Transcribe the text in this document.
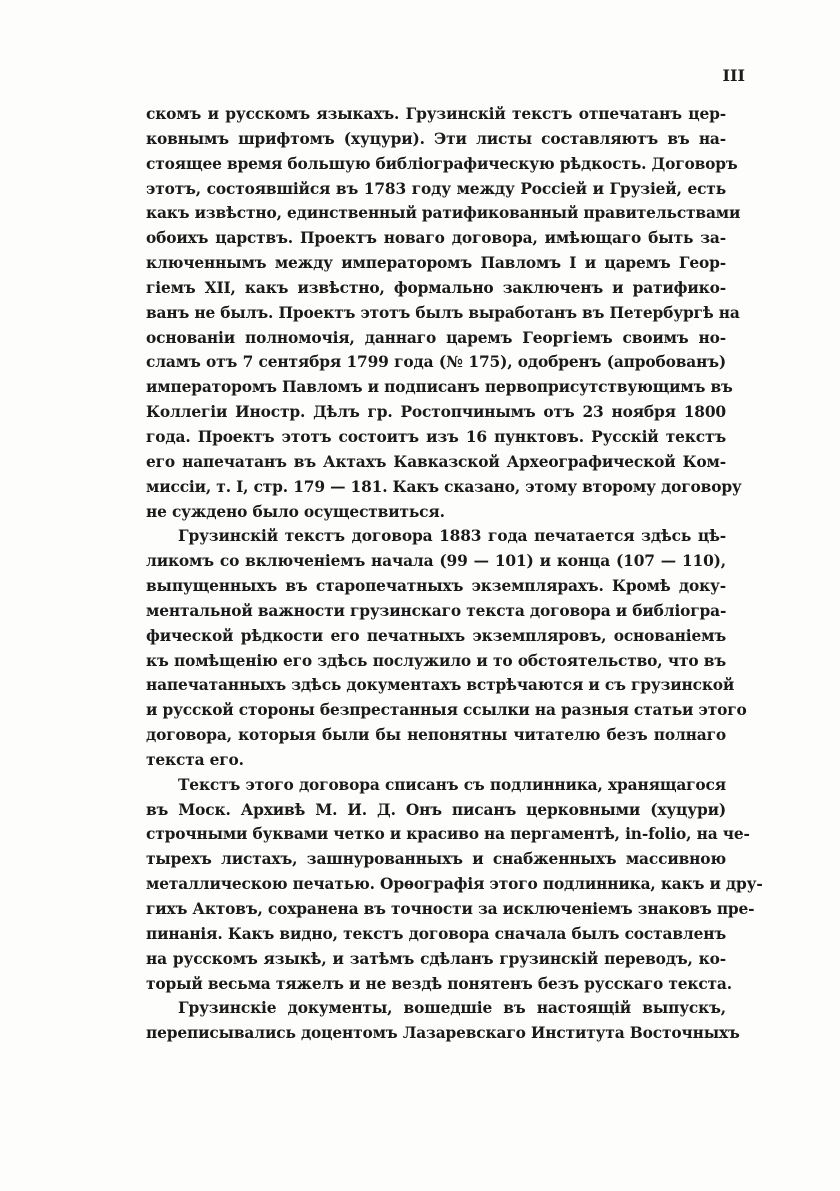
III
скомъ и русскомъ языкахъ. Грузинскій текстъ отпечатанъ цер-
ковнымъ шрифтомъ (хуцури). Эти листы составляютъ въ на-
стоящее время большую библіографическую рѣдкость. Договоръ
этотъ, состоявшійся въ 1783 году между Россіей и Грузіей, есть
какъ извѣстно, единственный ратификованный правительствами
обоихъ царствъ. Проектъ новаго договора, имѣющаго быть за-
ключеннымъ между императоромъ Павломъ I и царемъ Геор-
гіемъ XII, какъ извѣстно, формально заключенъ и ратифико-
ванъ не былъ. Проектъ этотъ былъ выработанъ въ Петербургѣ на
основаніи полномочія, даннаго царемъ Георгіемъ своимъ но-
сламъ отъ 7 сентября 1799 года (№ 175), одобренъ (апробованъ)
императоромъ Павломъ и подписанъ первоприсутствующимъ въ
Коллегіи Иностр. Дѣлъ гр. Ростопчинымъ отъ 23 ноября 1800
года. Проектъ этотъ состоитъ изъ 16 пунктовъ. Русскій текстъ
его напечатанъ въ Актахъ Кавказской Археографической Ком-
миссіи, т. I, стр. 179 — 181. Какъ сказано, этому второму договору
не суждено было осуществиться.
Грузинскій текстъ договора 1883 года печатается здѣсь цѣ-
ликомъ со включеніемъ начала (99 — 101) и конца (107 — 110),
выпущенныхъ въ старопечатныхъ экземплярахъ. Кромѣ доку-
ментальной важности грузинскаго текста договора и библіогра-
фической рѣдкости его печатныхъ экземпляровъ, основаніемъ
къ помѣщенію его здѣсь послужило и то обстоятельство, что въ
напечатанныхъ здѣсь документахъ встрѣчаются и съ грузинской
и русской стороны безпрестанныя ссылки на разныя статьи этого
договора, которыя были бы непонятны читателю безъ полнаго
текста его.
Текстъ этого договора списанъ съ подлинника, хранящагося
въ Моск. Архивѣ М. И. Д. Онъ писанъ церковными (хуцури)
строчными буквами четко и красиво на пергаментѣ, in-folio, на че-
тырехъ листахъ, зашнурованныхъ и снабженныхъ массивною
металлическою печатью. Орѳографія этого подлинника, какъ и дру-
гихъ Актовъ, сохранена въ точности за исключеніемъ знаковъ пре-
пинанія. Какъ видно, текстъ договора сначала былъ составленъ
на русскомъ языкѣ, и затѣмъ сдѣланъ грузинскій переводъ, ко-
торый весьма тяжелъ и не вездѣ понятенъ безъ русскаго текста.
Грузинскіе документы, вошедшіе въ настоящій выпускъ,
переписывались доцентомъ Лазаревскаго Института Восточныхъ
